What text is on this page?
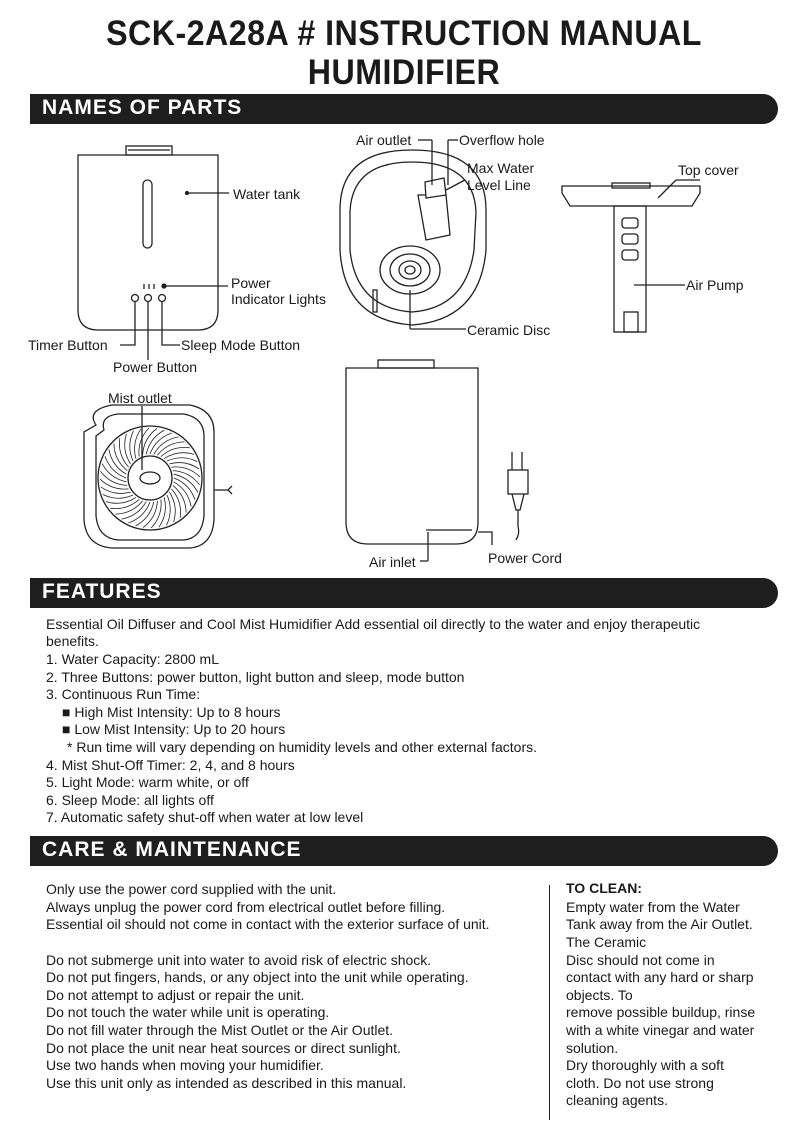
SCK-2A28A # INSTRUCTION MANUAL
HUMIDIFIER
NAMES OF PARTS
FEATURES
CARE & MAINTENANCE
Water tank
Power
Indicator Lights
Timer Button	Sleep Mode Button
Power Button
Air outlet	Overflow hole
Max Water
Level Line
Ceramic Disc
Top cover
Air Pump
Mist outlet
Air inlet	Power Cord
Essential Oil Diffuser and Cool Mist Humidifier Add essential oil directly to the water and enjoy therapeutic
benefits.
1. Water Capacity: 2800 mL
2. Three Buttons: power button, light button and sleep, mode button
3. Continuous Run Time:
■ High Mist Intensity: Up to 8 hours
■ Low Mist Intensity: Up to 20 hours
* Run time will vary depending on humidity levels and other external factors.
4. Mist Shut-Off Timer: 2, 4, and 8 hours
5. Light Mode: warm white, or off
6. Sleep Mode: all lights off
7. Automatic safety shut-off when water at low level
Only use the power cord supplied with the unit.
Always unplug the power cord from electrical outlet before filling.
Essential oil should not come in contact with the exterior surface of unit.
Do not submerge unit into water to avoid risk of electric shock.
Do not put fingers, hands, or any object into the unit while operating.
Do not attempt to adjust or repair the unit.
Do not touch the water while unit is operating.
Do not fill water through the Mist Outlet or the Air Outlet.
Do not place the unit near heat sources or direct sunlight.
Use two hands when moving your humidifier.
Use this unit only as intended as described in this manual.
TO CLEAN:
Empty water from the Water
Tank away from the Air Outlet.
The Ceramic
Disc should not come in
contact with any hard or sharp
objects. To
remove possible buildup, rinse
with a white vinegar and water
solution.
Dry thoroughly with a soft
cloth. Do not use strong
cleaning agents.
